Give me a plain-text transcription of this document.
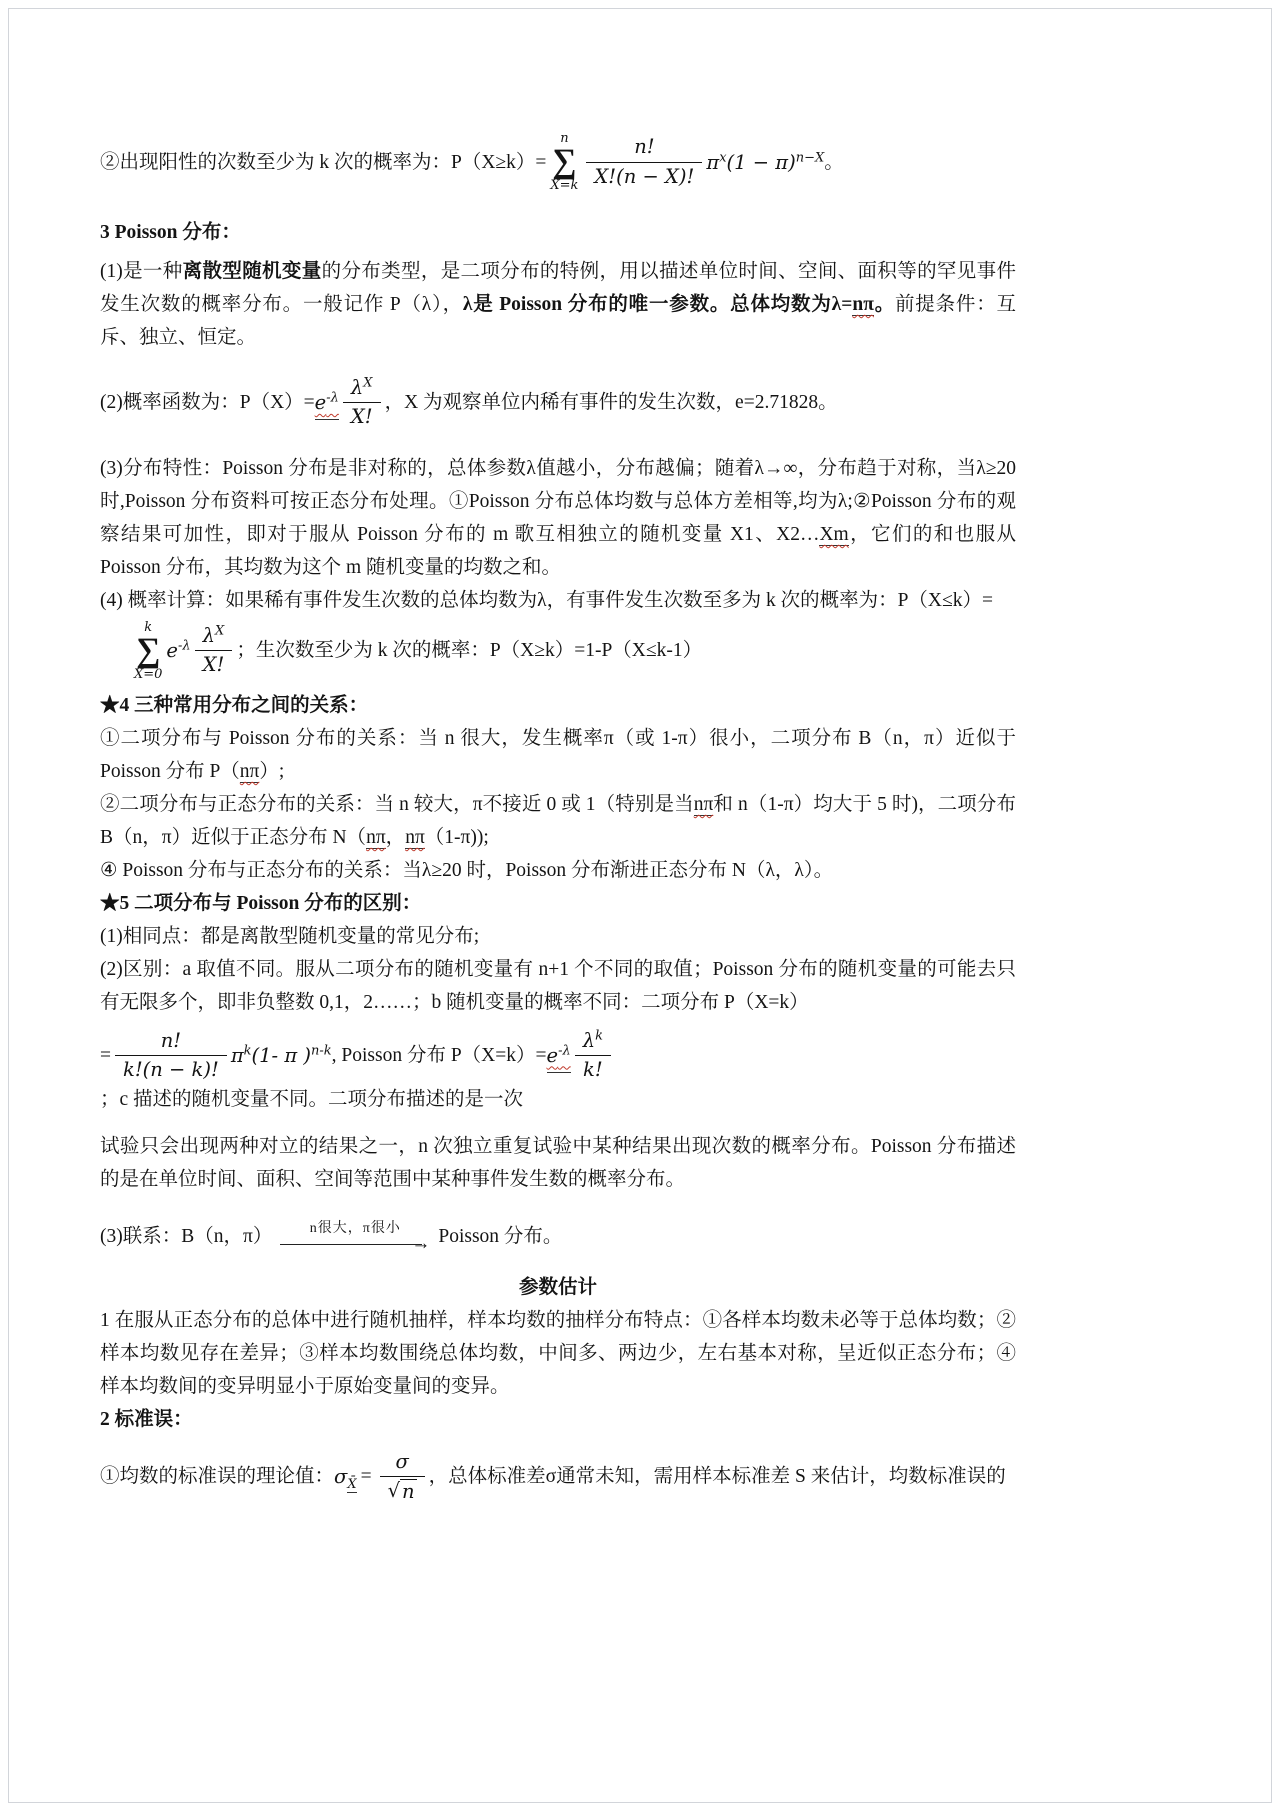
②出现阳性的次数至少为 k 次的概率为：P（X≥k）=
n
∑
$X=k \frac{n!}{X!(n - X)!} \pi^x(1 - \pi)^{n-X}$ 。
3 Poisson 分布：

(1)是一种离散型随机变量的分布类型，是二项分布的特例，用以描述单位时间、空间、面积等的罕见事件发生次数的概率分布。一般记作 P（λ），λ是 Poisson 分布的唯一参数。总体均数为λ=nπ。前提条件：互斥、独立、恒定。

(2)概率函数为：$P(X)= e^{-\lambda} \frac{\lambda^X}{X!}$ ，X 为观察单位内稀有事件的发生次数，e=2.71828。

(3)分布特性：Poisson 分布是非对称的，总体参数λ值越小，分布越偏；随着λ→∞，分布趋于对称，当λ≥20 时,Poisson 分布资料可按正态分布处理。①Poisson 分布总体均数与总体方差相等,均为λ;②Poisson 分布的观察结果可加性，即对于服从 Poisson 分布的 m 歌互相独立的随机变量 X1、X2…Xm，它们的和也服从 Poisson 分布，其均数为这个 m 随机变量的均数之和。

(4) 概率计算：如果稀有事件发生次数的总体均数为λ，有事件发生次数至多为 k 次的概率为：P（X≤k）=

k
∑
X=0
$e^{-\lambda} \frac{\lambda^X}{X!}$ ；生次数至少为 k 次的概率：P（X≥k）=1-P（X≤k-1）
★4 三种常用分布之间的关系：

①二项分布与 Poisson 分布的关系：当 n 很大，发生概率π（或 1-π）很小，二项分布 B（n，π）近似于 Poisson 分布 P（nπ）;

②二项分布与正态分布的关系：当 n 较大，π不接近 0 或 1（特别是当nπ和 n（1-π）均大于 5 时)，二项分布 B（n，π）近似于正态分布 N（nπ，nπ（1-π));

④ Poisson 分布与正态分布的关系：当λ≥20 时，Poisson 分布渐进正态分布 N（λ，λ）。

★5 二项分布与 Poisson 分布的区别：

(1)相同点：都是离散型随机变量的常见分布;

(2)区别：a 取值不同。服从二项分布的随机变量有 n+1 个不同的取值；Poisson 分布的随机变量的可能去只有无限多个，即非负整数 0,1，2……；b 随机变量的概率不同：二项分布 P（X=k）

= $\frac{n!}{k!(n - k)!} \pi^k(1-$ π )$^{n-k}$ , Poisson 分布 $P(X=k)= e^{-\lambda} \frac{\lambda^k}{k!}$
；c 描述的随机变量不同。二项分布描述的是一次

试验只会出现两种对立的结果之一，n 次独立重复试验中某种结果出现次数的概率分布。Poisson 分布描述的是在单位时间、面积、空间等范围中某种事件发生数的概率分布。

(3)联系：B（n，π）	n很大，π很小
→ Poisson 分布。
参数估计

1 在服从正态分布的总体中进行随机抽样，样本均数的抽样分布特点：①各样本均数未必等于总体均数；②样本均数见存在差异；③样本均数围绕总体均数，中间多、两边少，左右基本对称，呈近似正态分布；④样本均数间的变异明显小于原始变量间的变异。

2 标准误：
①均数的标准误的理论值： $\sigma_{X̄} = \frac{\sigma}{√ n}$ ，总体标准差σ通常未知，需用样本标准差 S 来估计，均数标准误的
